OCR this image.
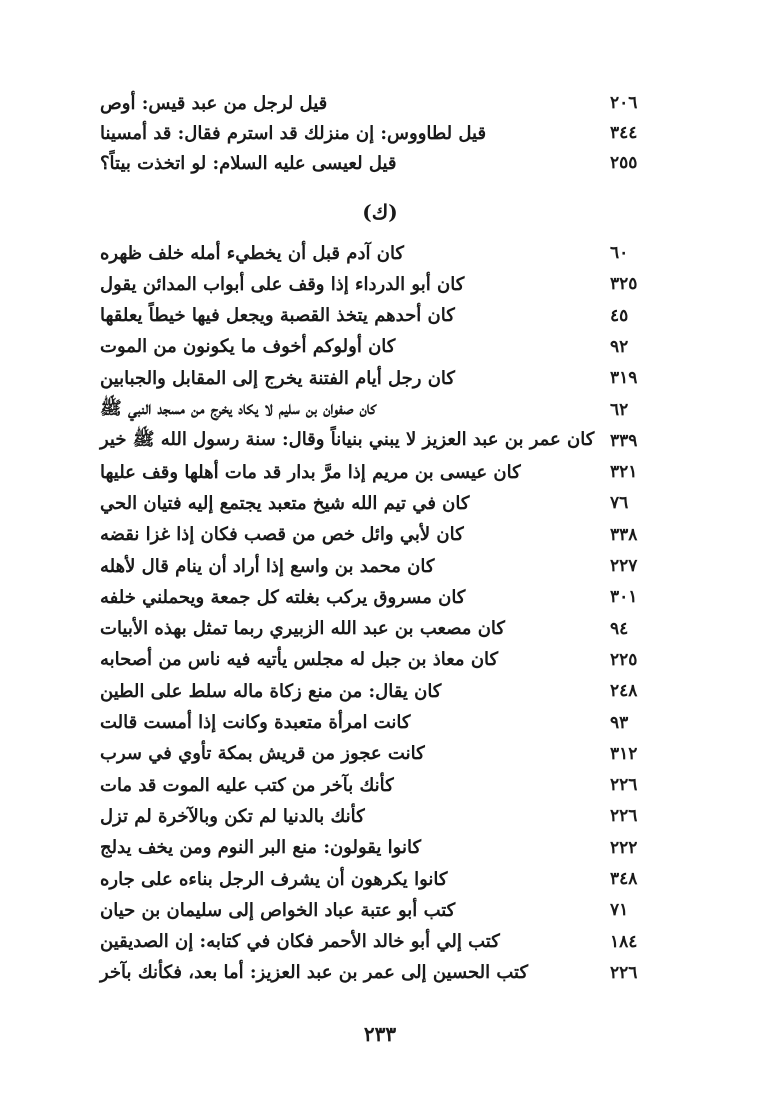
قيل لرجل من عبد قيس: أوص	٢٠٦
قيل لطاووس: إن منزلك قد استرم فقال: قد أمسينا	٣٤٤
قيل لعيسى عليه السلام: لو اتخذت بيتاً؟	٢٥٥
(ك)
كان آدم قبل أن يخطيء أمله خلف ظهره	٦٠
كان أبو الدرداء إذا وقف على أبواب المدائن يقول	٣٢٥
كان أحدهم يتخذ القصبة ويجعل فيها خيطاً يعلقها	٤٥
كان أولوكم أخوف ما يكونون من الموت	٩٢
كان رجل أيام الفتنة يخرج إلى المقابل والجبابين	٣١٩
كان صفوان بن سليم لا يكاد يخرج من مسجد النبي ﷺ	٦٢
كان عمر بن عبد العزيز لا يبني بنياناً وقال: سنة رسول الله ﷺ خير ٣٣٩
كان عيسى بن مريم إذا مرَّ بدار قد مات أهلها وقف عليها	٣٢١
كان في تيم الله شيخ متعبد يجتمع إليه فتيان الحي	٧٦
كان لأبي وائل خص من قصب فكان إذا غزا نقضه	٣٣٨
كان محمد بن واسع إذا أراد أن ينام قال لأهله	٢٢٧
كان مسروق يركب بغلته كل جمعة ويحملني خلفه	٣٠١
كان مصعب بن عبد الله الزبيري ربما تمثل بهذه الأبيات	٩٤
كان معاذ بن جبل له مجلس يأتيه فيه ناس من أصحابه	٢٢٥
كان يقال: من منع زكاة ماله سلط على الطين	٢٤٨
كانت امرأة متعبدة وكانت إذا أمست قالت	٩٣
كانت عجوز من قريش بمكة تأوي في سرب	٣١٢
كأنك بآخر من كتب عليه الموت قد مات	٢٢٦
كأنك بالدنيا لم تكن وبالآخرة لم تزل	٢٢٦
كانوا يقولون: منع البر النوم ومن يخف يدلج	٢٢٢
كانوا يكرهون أن يشرف الرجل بناءه على جاره	٣٤٨
كتب أبو عتبة عباد الخواص إلى سليمان بن حيان	٧١
كتب إلي أبو خالد الأحمر فكان في كتابه: إن الصديقين	١٨٤
كتب الحسين إلى عمر بن عبد العزيز: أما بعد، فكأنك بآخر	٢٢٦
٢٣٣
